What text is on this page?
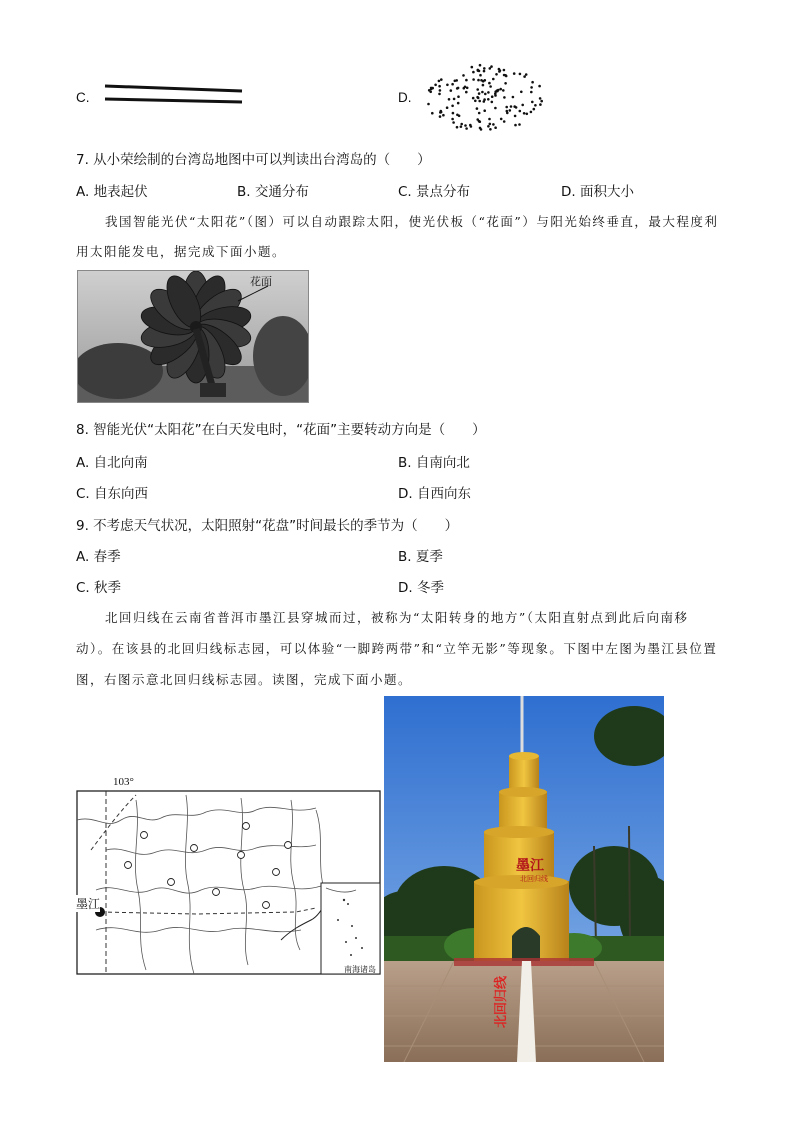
C.	D.
7. 从小荣绘制的台湾岛地图中可以判读出台湾岛的（　　）
A. 地表起伏	B. 交通分布	C. 景点分布	D. 面积大小
我国智能光伏“太阳花”（图）可以自动跟踪太阳，使光伏板（“花面”）与阳光始终垂直，最大程度利
用太阳能发电，据完成下面小题。
花面
8. 智能光伏“太阳花”在白天发电时，“花面”主要转动方向是（　　）
A. 自北向南	B. 自南向北
C. 自东向西	D. 自西向东
9. 不考虑天气状况，太阳照射“花盘”时间最长的季节为（　　）
A. 春季	B. 夏季
C. 秋季	D. 冬季
北回归线在云南省普洱市墨江县穿城而过，被称为“太阳转身的地方”（太阳直射点到此后向南移
动）。在该县的北回归线标志园，可以体验“一脚跨两带”和“立竿无影”等现象。下图中左图为墨江县位置
图，右图示意北回归线标志园。读图，完成下面小题。
103°
墨江
南海诸岛
墨江
北回归线
北回归线
